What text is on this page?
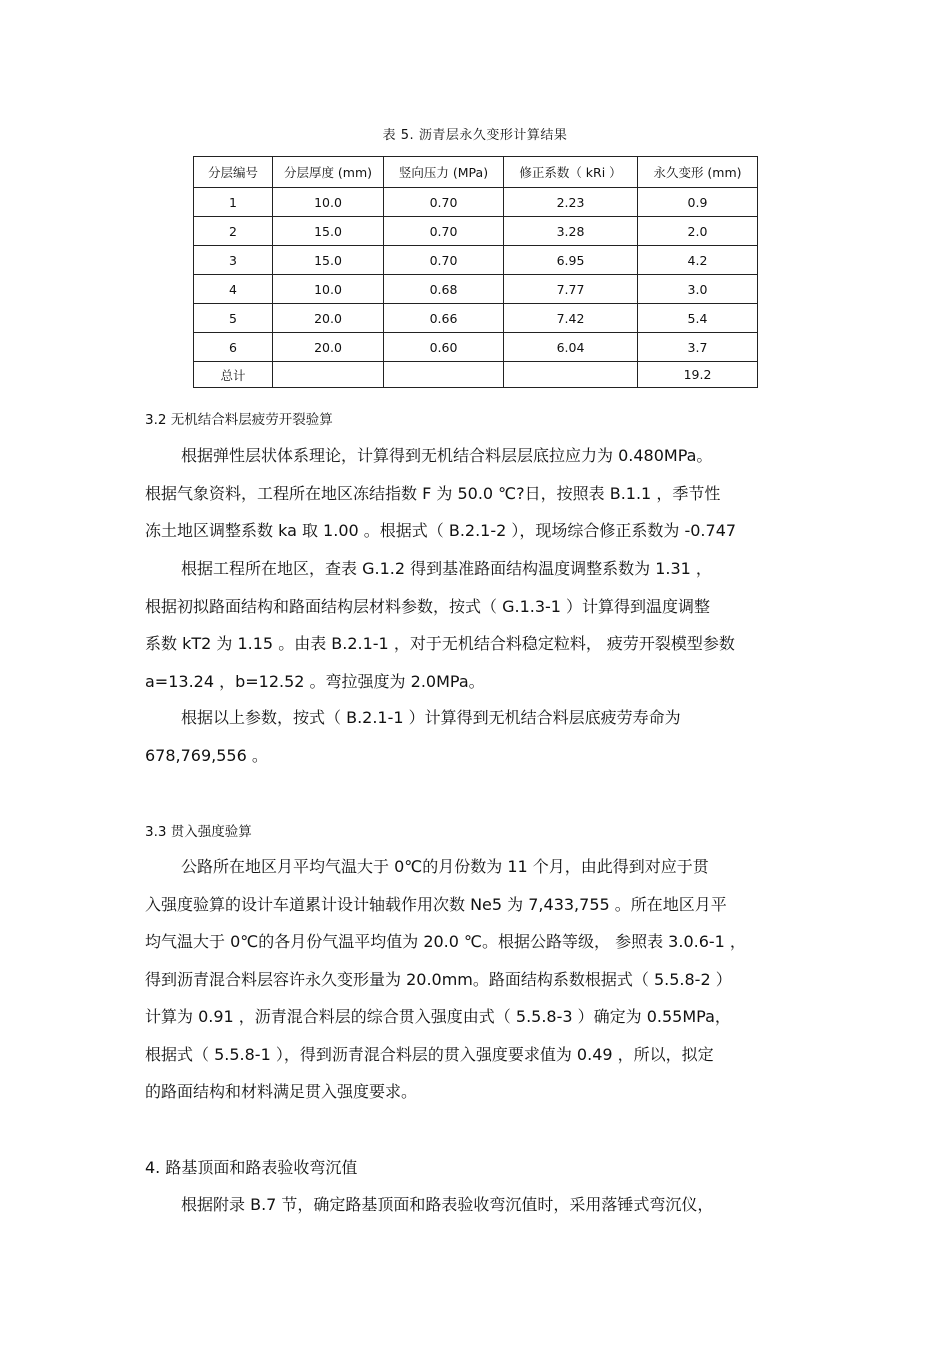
表 5. 沥青层永久变形计算结果
分层编号	分层厚度 (mm)	竖向压力 (MPa)	修正系数（ kRi ）	永久变形 (mm)
1	10.0	0.70	2.23	0.9
2	15.0	0.70	3.28	2.0
3	15.0	0.70	6.95	4.2
4	10.0	0.68	7.77	3.0
5	20.0	0.66	7.42	5.4
6	20.0	0.60	6.04	3.7
总计				19.2
3.2 无机结合料层疲劳开裂验算
根据弹性层状体系理论，计算得到无机结合料层层底拉应力为 0.480MPa。
根据气象资料，工程所在地区冻结指数 F 为 50.0 ℃?日，按照表 B.1.1 ，季节性
冻土地区调整系数 ka 取 1.00 。根据式（ B.2.1-2 ），现场综合修正系数为 -0.747
根据工程所在地区，查表 G.1.2 得到基准路面结构温度调整系数为 1.31 ，
根据初拟路面结构和路面结构层材料参数，按式（ G.1.3-1 ）计算得到温度调整
系数 kT2 为 1.15 。由表 B.2.1-1 ，对于无机结合料稳定粒料， 疲劳开裂模型参数
a=13.24 ，b=12.52 。弯拉强度为 2.0MPa。
根据以上参数，按式（ B.2.1-1 ）计算得到无机结合料层底疲劳寿命为
678,769,556 。
3.3 贯入强度验算
公路所在地区月平均气温大于 0℃的月份数为 11 个月，由此得到对应于贯
入强度验算的设计车道累计设计轴载作用次数 Ne5 为 7,433,755 。所在地区月平
均气温大于 0℃的各月份气温平均值为 20.0 ℃。根据公路等级， 参照表 3.0.6-1 ，
得到沥青混合料层容许永久变形量为 20.0mm。路面结构系数根据式（ 5.5.8-2 ）
计算为 0.91 ，沥青混合料层的综合贯入强度由式（ 5.5.8-3 ）确定为 0.55MPa，
根据式（ 5.5.8-1 ），得到沥青混合料层的贯入强度要求值为 0.49 ，所以，拟定
的路面结构和材料满足贯入强度要求。
4. 路基顶面和路表验收弯沉值
根据附录 B.7 节，确定路基顶面和路表验收弯沉值时，采用落锤式弯沉仪，
